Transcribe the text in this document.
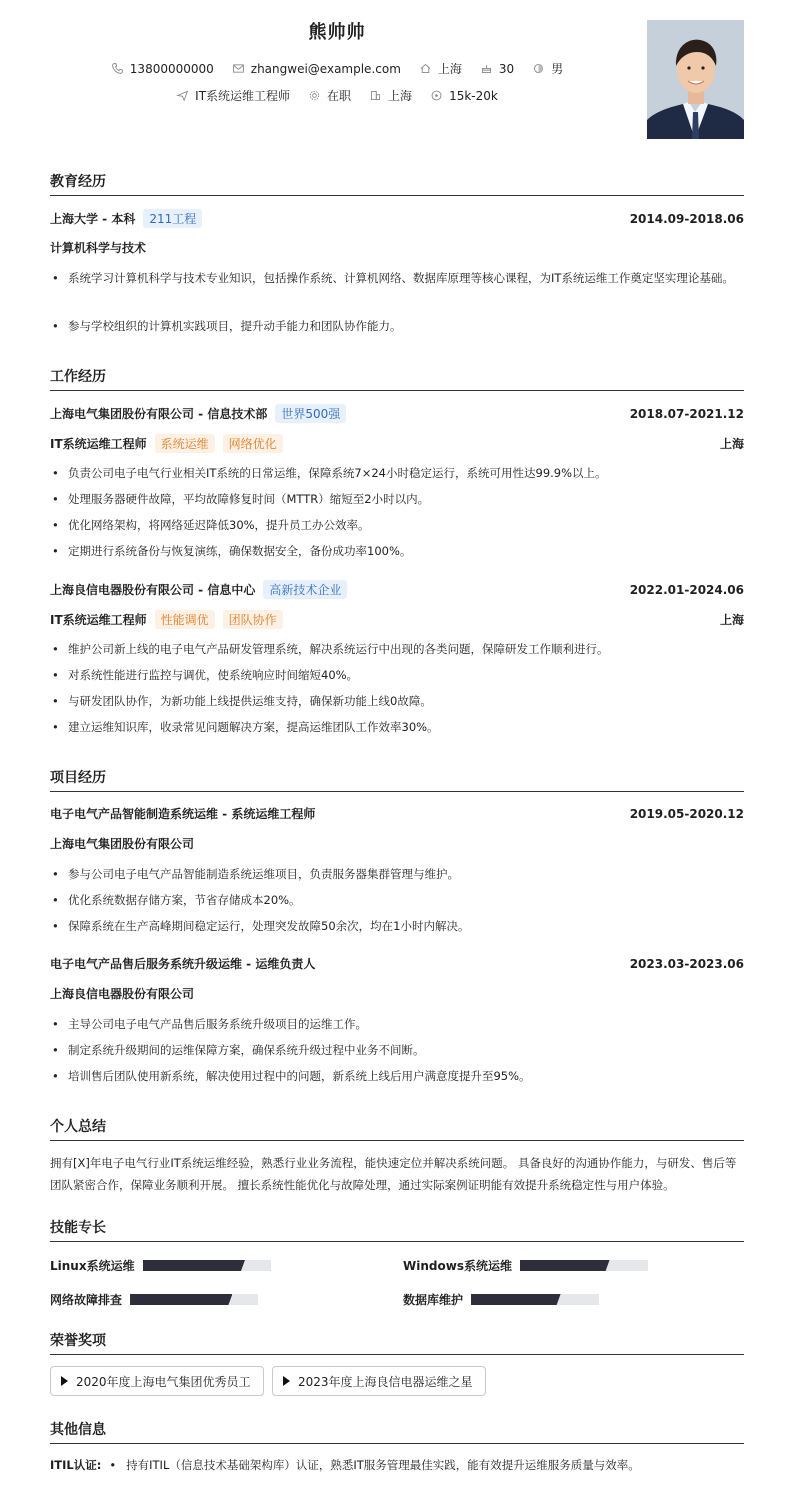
熊帅帅
13800000000	zhangwei@example.com	上海	30	男
IT系统运维工程师	在职	上海	15k-20k
教育经历
上海大学 - 本科	211工程	2014.09-2018.06
计算机科学与技术
• 系统学习计算机科学与技术专业知识，包括操作系统、计算机网络、数据库原理等核心课程，为IT系统运维工作奠定坚实理论基础。
• 参与学校组织的计算机实践项目，提升动手能力和团队协作能力。
工作经历
上海电气集团股份有限公司 - 信息技术部	世界500强	2018.07-2021.12
IT系统运维工程师	系统运维	网络优化	上海
• 负责公司电子电气行业相关IT系统的日常运维，保障系统7×24小时稳定运行，系统可用性达99.9%以上。
• 处理服务器硬件故障，平均故障修复时间（MTTR）缩短至2小时以内。
• 优化网络架构，将网络延迟降低30%，提升员工办公效率。
• 定期进行系统备份与恢复演练，确保数据安全，备份成功率100%。
上海良信电器股份有限公司 - 信息中心	高新技术企业	2022.01-2024.06
IT系统运维工程师	性能调优	团队协作	上海
• 维护公司新上线的电子电气产品研发管理系统，解决系统运行中出现的各类问题，保障研发工作顺利进行。
• 对系统性能进行监控与调优，使系统响应时间缩短40%。
• 与研发团队协作，为新功能上线提供运维支持，确保新功能上线0故障。
• 建立运维知识库，收录常见问题解决方案，提高运维团队工作效率30%。
项目经历
电子电气产品智能制造系统运维 - 系统运维工程师	2019.05-2020.12
上海电气集团股份有限公司
• 参与公司电子电气产品智能制造系统运维项目，负责服务器集群管理与维护。
• 优化系统数据存储方案，节省存储成本20%。
• 保障系统在生产高峰期间稳定运行，处理突发故障50余次，均在1小时内解决。
电子电气产品售后服务系统升级运维 - 运维负责人	2023.03-2023.06
上海良信电器股份有限公司
• 主导公司电子电气产品售后服务系统升级项目的运维工作。
• 制定系统升级期间的运维保障方案，确保系统升级过程中业务不间断。
• 培训售后团队使用新系统，解决使用过程中的问题，新系统上线后用户满意度提升至95%。
个人总结
拥有[X]年电子电气行业IT系统运维经验，熟悉行业业务流程，能快速定位并解决系统问题。 具备良好的沟通协作能力，与研发、售后等团队紧密合作，保障业务顺利开展。 擅长系统性能优化与故障处理，通过实际案例证明能有效提升系统稳定性与用户体验。
技能专长
Linux系统运维	Windows系统运维
网络故障排查	数据库维护
荣誉奖项
2020年度上海电气集团优秀员工	2023年度上海良信电器运维之星
其他信息
ITIL认证: • 持有ITIL（信息技术基础架构库）认证，熟悉IT服务管理最佳实践，能有效提升运维服务质量与效率。
